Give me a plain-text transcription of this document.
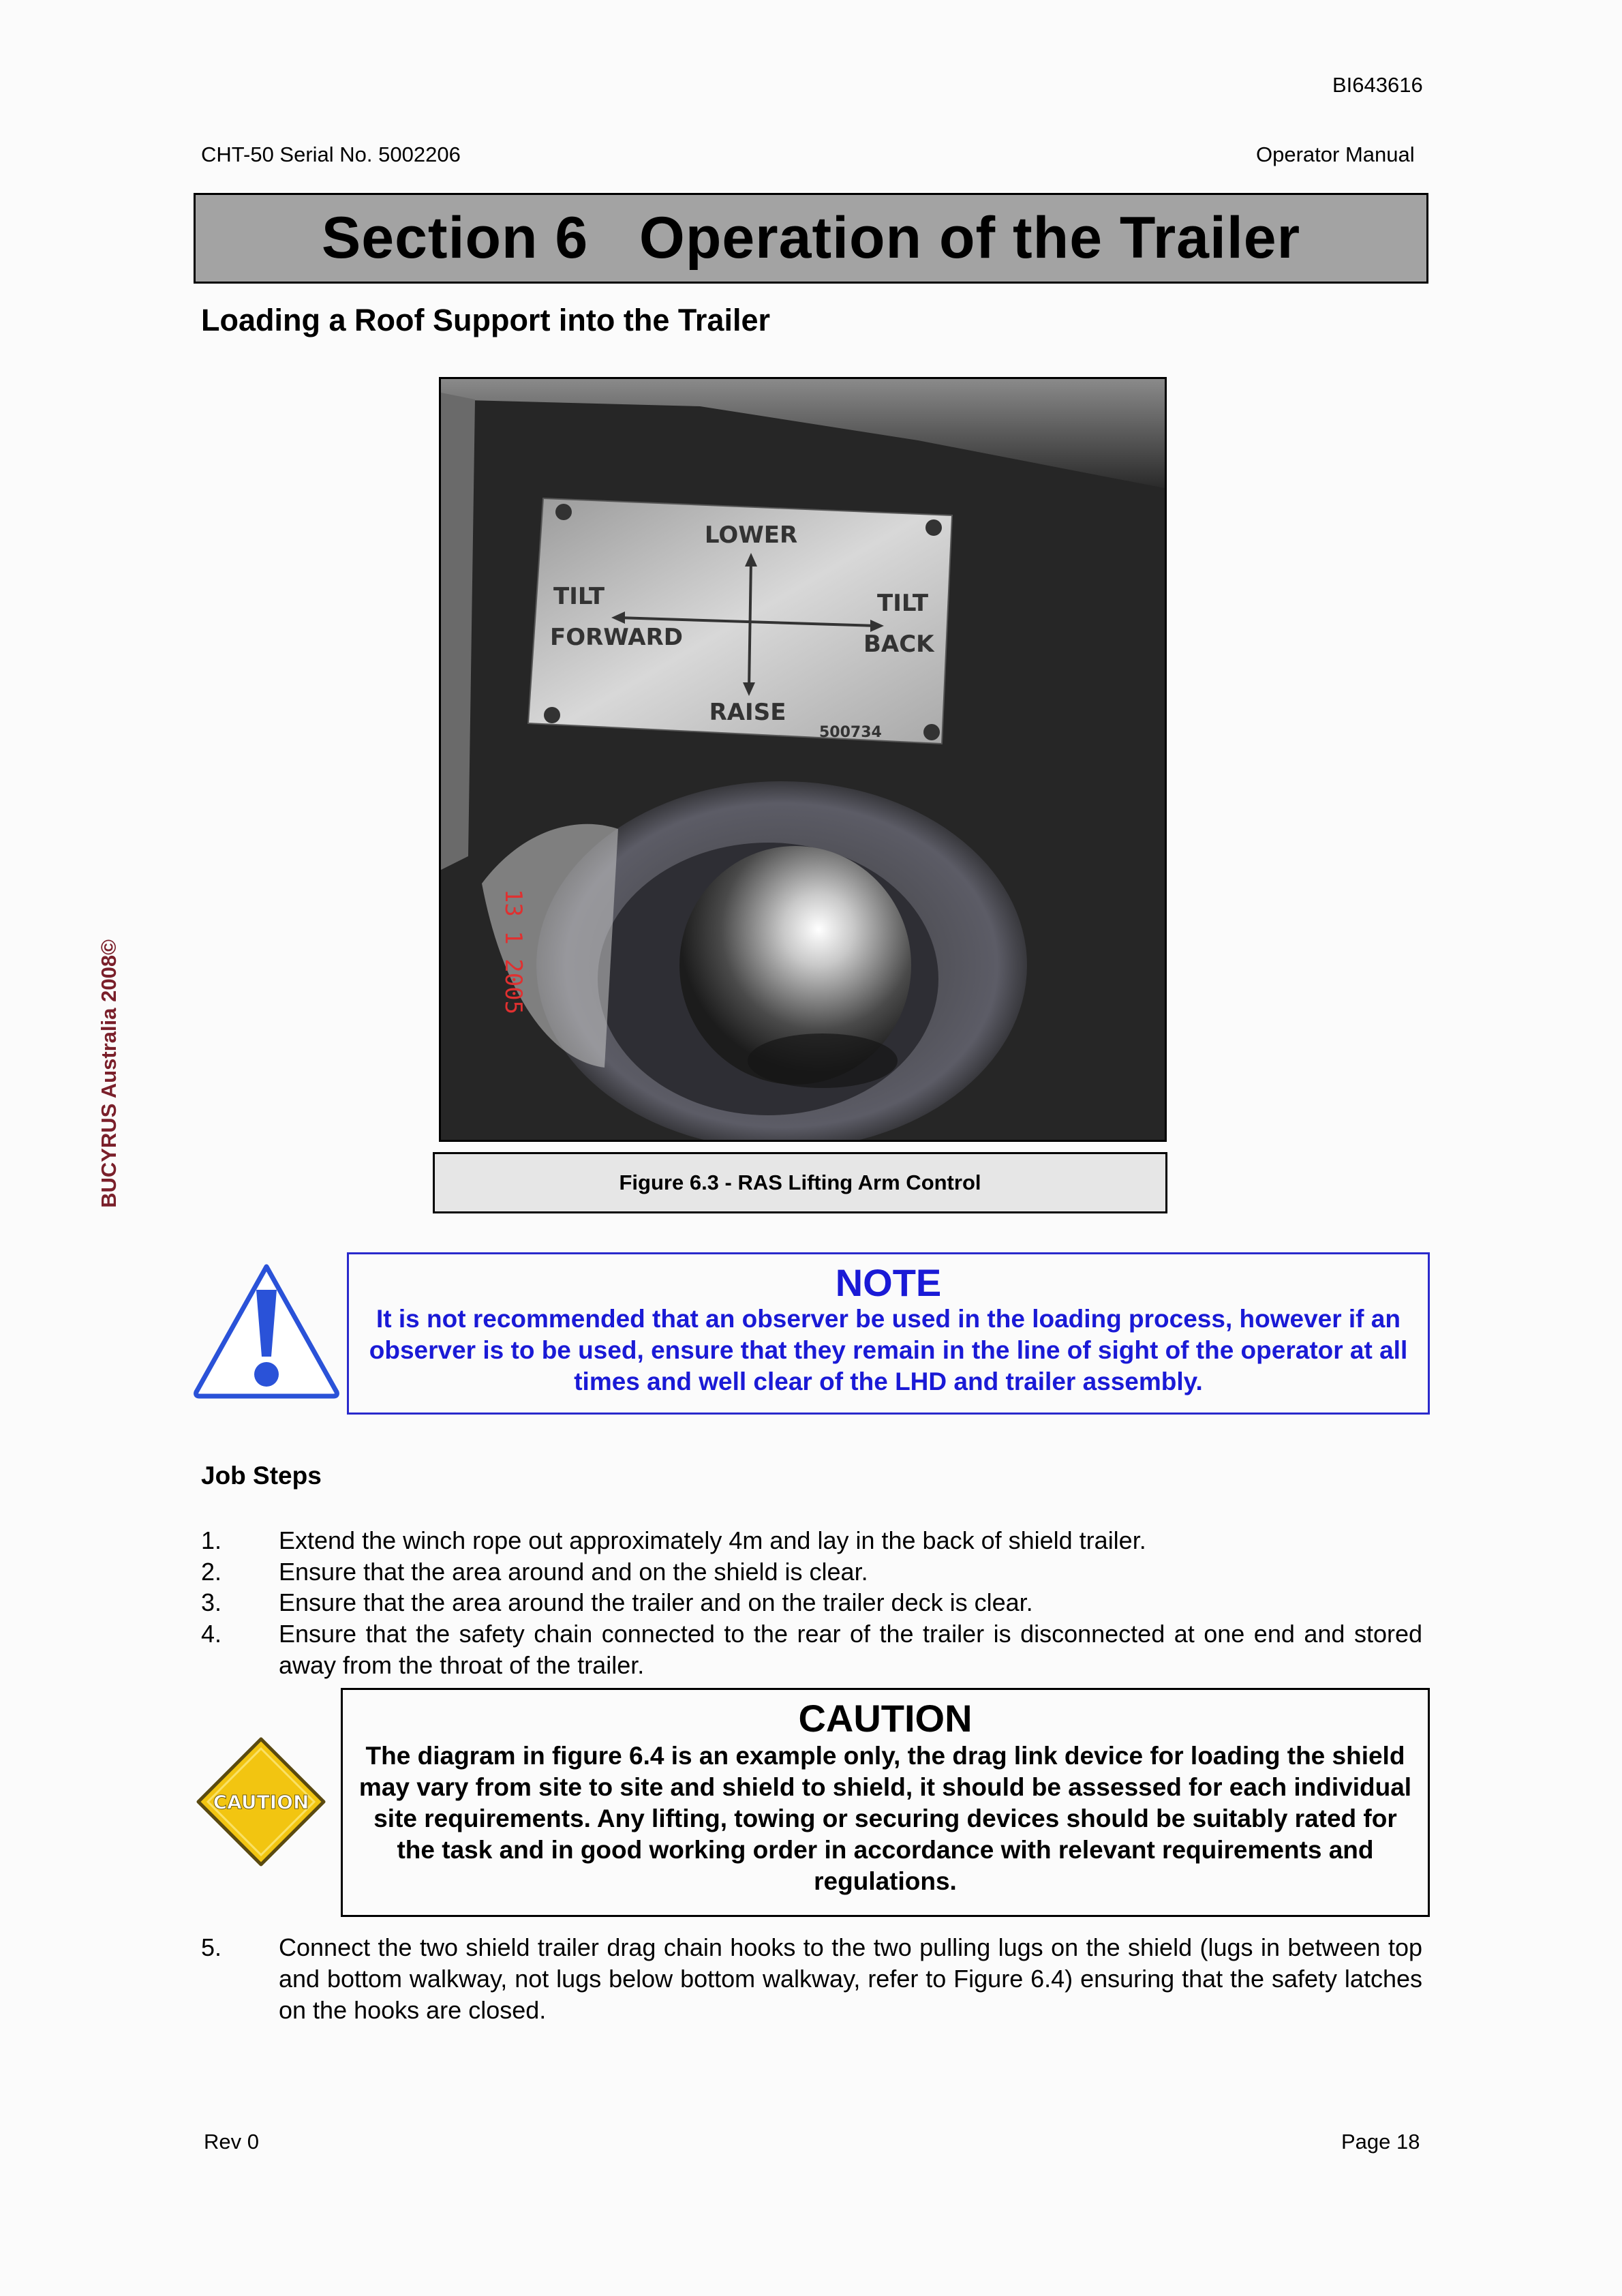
BI643616
CHT-50 Serial No. 5002206	Operator Manual
Section 6   Operation of the Trailer
Loading a Roof Support into the Trailer
LOWER
RAISE
TILT
FORWARD
TILT
BACK
500734
13 1 2005
Figure 6.3 - RAS Lifting Arm Control
BUCYRUS Australia 2008©
NOTE
It is not recommended that an observer be used in the loading process, however if an observer is to be used, ensure that they remain in the line of sight of the operator at all times and well clear of the LHD and trailer assembly.
Job Steps
1. Extend the winch rope out approximately 4m and lay in the back of shield trailer.
2. Ensure that the area around and on the shield is clear.
3. Ensure that the area around the trailer and on the trailer deck is clear.
4. Ensure that the safety chain connected to the rear of the trailer is disconnected at one end and stored away from the throat of the trailer.
CAUTION
CAUTION
The diagram in figure 6.4 is an example only, the drag link device for loading the shield may vary from site to site and shield to shield, it should be assessed for each individual site requirements. Any lifting, towing or securing devices should be suitably rated for the task and in good working order in accordance with relevant requirements and regulations.
5. Connect the two shield trailer drag chain hooks to the two pulling lugs on the shield (lugs in between top and bottom walkway, not lugs below bottom walkway, refer to Figure 6.4) ensuring that the safety latches on the hooks are closed.
Rev 0	Page 18
